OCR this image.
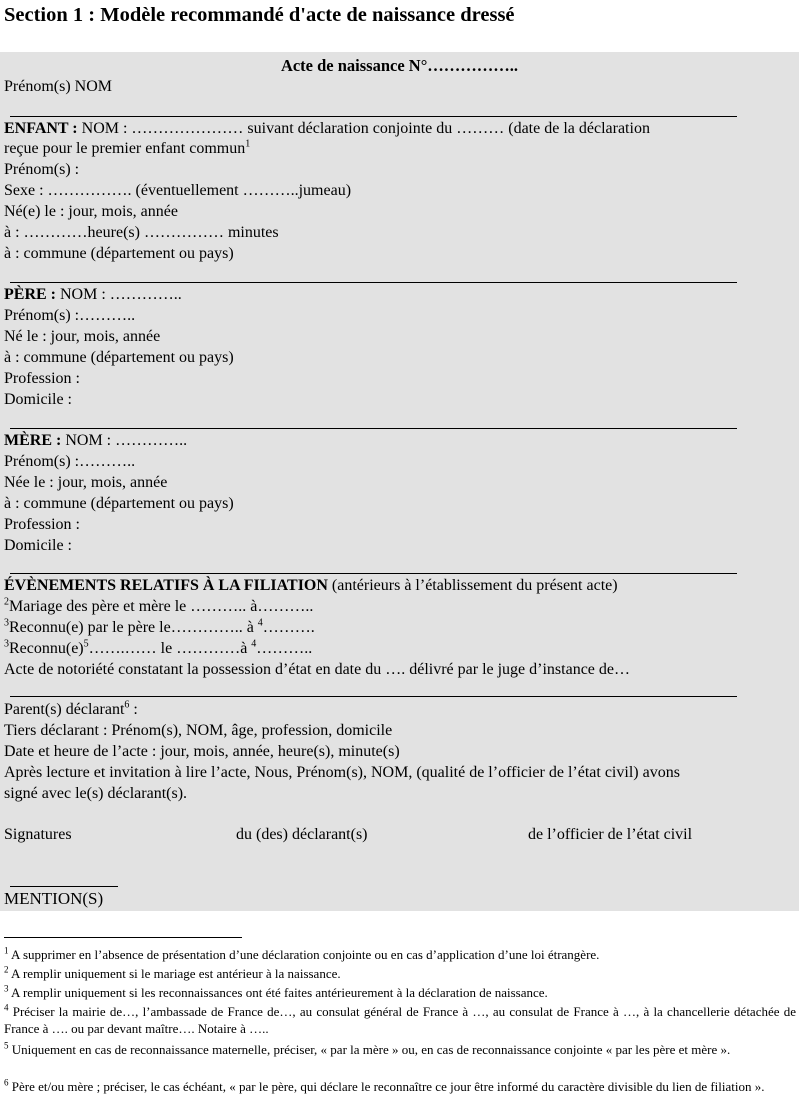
Section 1 : Modèle recommandé d'acte de naissance dressé
Acte de naissance N°……………..
Prénom(s) NOM
ENFANT : NOM : ………………… suivant déclaration conjointe du ……… (date de la déclaration
reçue pour le premier enfant commun$^1$
Prénom(s) :
Sexe : ……………. (éventuellement ………..jumeau)
Né(e) le : jour, mois, année
à : …………heure(s) …………… minutes
à : commune (département ou pays)
PÈRE : NOM : …………..
Prénom(s) :………..
Né le : jour, mois, année
à : commune (département ou pays)
Profession :
Domicile :
MÈRE : NOM : …………..
Prénom(s) :………..
Née le : jour, mois, année
à : commune (département ou pays)
Profession :
Domicile :
ÉVÈNEMENTS RELATIFS À LA FILIATION (antérieurs à l’établissement du présent acte)
$^2$Mariage des père et mère le ……….. à………..
$^3$Reconnu(e) par le père le………….. à $^4$……….
$^3Reconnu(e)^5\dots\dots.\dots\dots$ le …………à $^4$………..
Acte de notoriété constatant la possession d’état en date du …. délivré par le juge d’instance de…
Parent(s) déclarant$^6$ :
Tiers déclarant : Prénom(s), NOM, âge, profession, domicile
Date et heure de l’acte : jour, mois, année, heure(s), minute(s)
Après lecture et invitation à lire l’acte, Nous, Prénom(s), NOM, (qualité de l’officier de l’état civil) avons
signé avec le(s) déclarant(s).
Signatures	du (des) déclarant(s)	de l’officier de l’état civil
MENTION(S)
$^1$ A supprimer en l’absence de présentation d’une déclaration conjointe ou en cas d’application d’une loi étrangère.
$^2$ A remplir uniquement si le mariage est antérieur à la naissance.
$^3$ A remplir uniquement si les reconnaissances ont été faites antérieurement à la déclaration de naissance.
$^4$ Préciser la mairie de…, l’ambassade de France de…, au consulat général de France à …, au consulat de France à …, à la chancellerie détachée de France à …. ou par devant maître…. Notaire à …..
$^5$ Uniquement en cas de reconnaissance maternelle, préciser, « par la mère » ou, en cas de reconnaissance conjointe « par les père et mère ».
$^6$ Père et/ou mère ; préciser, le cas échéant, « par le père, qui déclare le reconnaître ce jour être informé du caractère divisible du lien de filiation ».
